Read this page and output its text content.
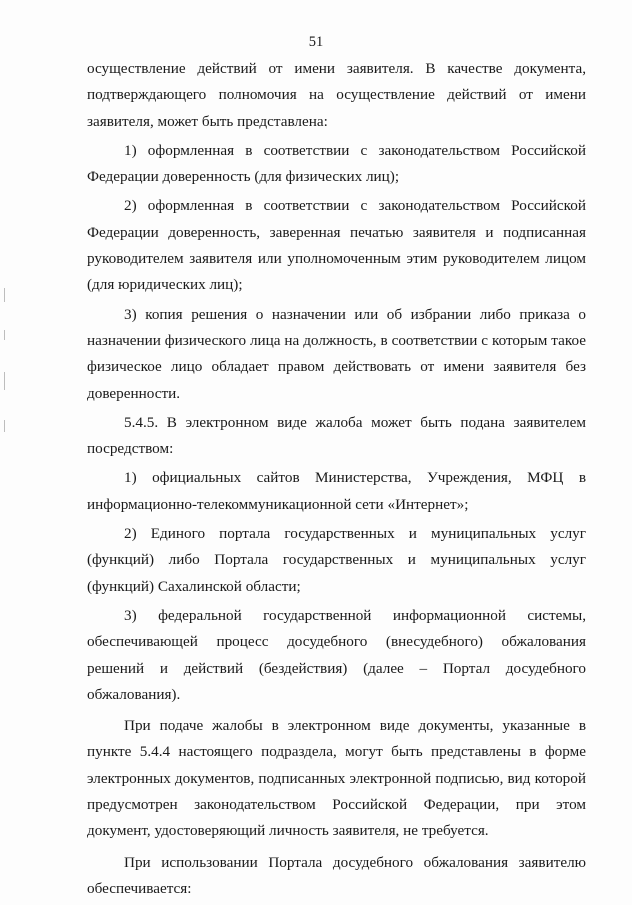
51

осуществление действий от имени заявителя. В качестве документа, подтверждающего полномочия на осуществление действий от имени заявителя, может быть представлена:

1) оформленная в соответствии с законодательством Российской Федерации доверенность (для физических лиц);

2) оформленная в соответствии с законодательством Российской Федерации доверенность, заверенная печатью заявителя и подписанная руководителем заявителя или уполномоченным этим руководителем лицом (для юридических лиц);

3) копия решения о назначении или об избрании либо приказа о назначении физического лица на должность, в соответствии с которым такое физическое лицо обладает правом действовать от имени заявителя без доверенности.

5.4.5. В электронном виде жалоба может быть подана заявителем посредством:

1) официальных сайтов Министерства, Учреждения, МФЦ в информационно-телекоммуникационной сети «Интернет»;

2) Единого портала государственных и муниципальных услуг (функций) либо Портала государственных и муниципальных услуг (функций) Сахалинской области;

3) федеральной государственной информационной системы, обеспечивающей процесс досудебного (внесудебного) обжалования решений и действий (бездействия) (далее – Портал досудебного обжалования).

При подаче жалобы в электронном виде документы, указанные в пункте 5.4.4 настоящего подраздела, могут быть представлены в форме электронных документов, подписанных электронной подписью, вид которой предусмотрен законодательством Российской Федерации, при этом документ, удостоверяющий личность заявителя, не требуется.

При использовании Портала досудебного обжалования заявителю обеспечивается:
